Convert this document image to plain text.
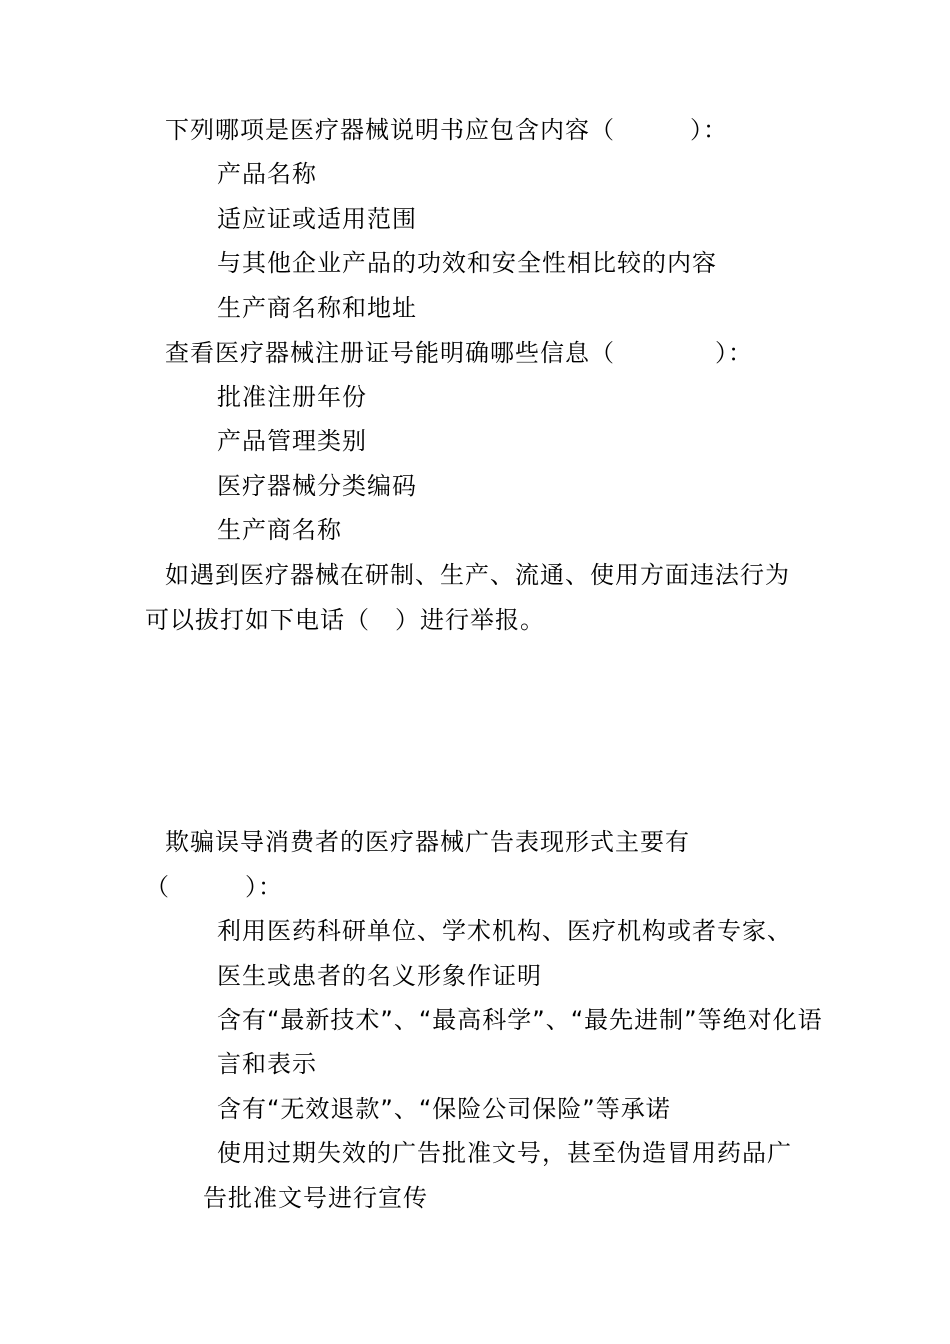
下列哪项是医疗器械说明书应包含内容（　　　）：
产品名称
适应证或适用范围
与其他企业产品的功效和安全性相比较的内容
生产商名称和地址
查看医疗器械注册证号能明确哪些信息（　　　　）：
批准注册年份
产品管理类别
医疗器械分类编码
生产商名称
如遇到医疗器械在研制、生产、流通、使用方面违法行为
可以拔打如下电话（　）进行举报。
欺骗误导消费者的医疗器械广告表现形式主要有
（　　　）：
利用医药科研单位、学术机构、医疗机构或者专家、
医生或患者的名义形象作证明
含有“最新技术”、“最高科学”、“最先进制”等绝对化语
言和表示
含有“无效退款”、“保险公司保险”等承诺
使用过期失效的广告批准文号，甚至伪造冒用药品广
告批准文号进行宣传
